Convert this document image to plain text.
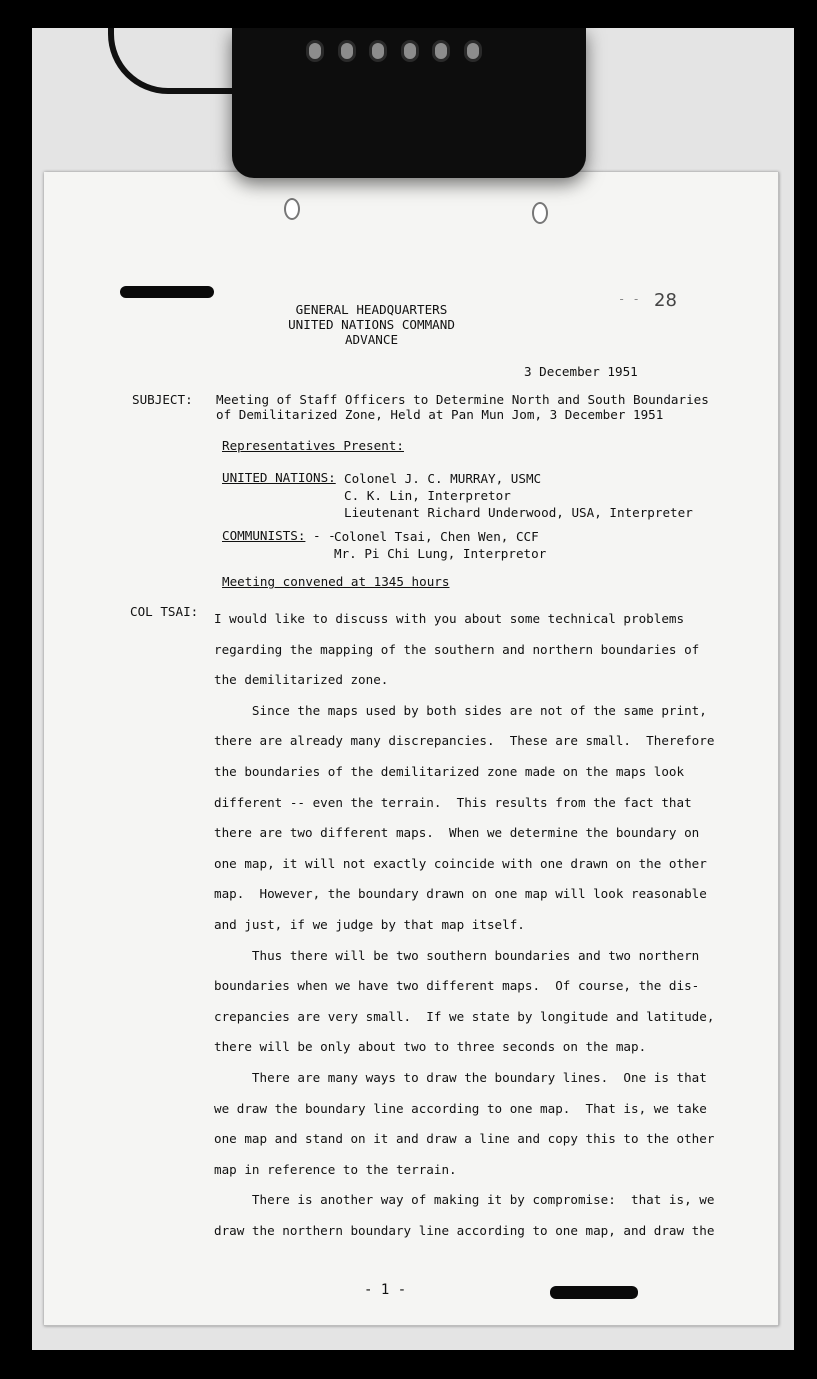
- - 28
GENERAL HEADQUARTERS
UNITED NATIONS COMMAND
ADVANCE
3 December 1951
SUBJECT: Meeting of Staff Officers to Determine North and South Boundaries
of Demilitarized Zone, Held at Pan Mun Jom, 3 December 1951
Representatives Present:
UNITED NATIONS: Colonel J. C. MURRAY, USMC
C. K. Lin, Interpretor
Lieutenant Richard Underwood, USA, Interpreter
COMMUNISTS: - -
Colonel Tsai, Chen Wen, CCF
Mr. Pi Chi Lung, Interpretor
Meeting convened at 1345 hours
COL TSAI: I would like to discuss with you about some technical problems

regarding the mapping of the southern and northern boundaries of

the demilitarized zone.

Since the maps used by both sides are not of the same print,

there are already many discrepancies.  These are small.  Therefore

the boundaries of the demilitarized zone made on the maps look

different -- even the terrain.  This results from the fact that

there are two different maps.  When we determine the boundary on

one map, it will not exactly coincide with one drawn on the other

map.  However, the boundary drawn on one map will look reasonable

and just, if we judge by that map itself.

Thus there will be two southern boundaries and two northern

boundaries when we have two different maps.  Of course, the dis-

crepancies are very small.  If we state by longitude and latitude,

there will be only about two to three seconds on the map.

There are many ways to draw the boundary lines.  One is that

we draw the boundary line according to one map.  That is, we take

one map and stand on it and draw a line and copy this to the other

map in reference to the terrain.

There is another way of making it by compromise:  that is, we

draw the northern boundary line according to one map, and draw the

- 1 -
